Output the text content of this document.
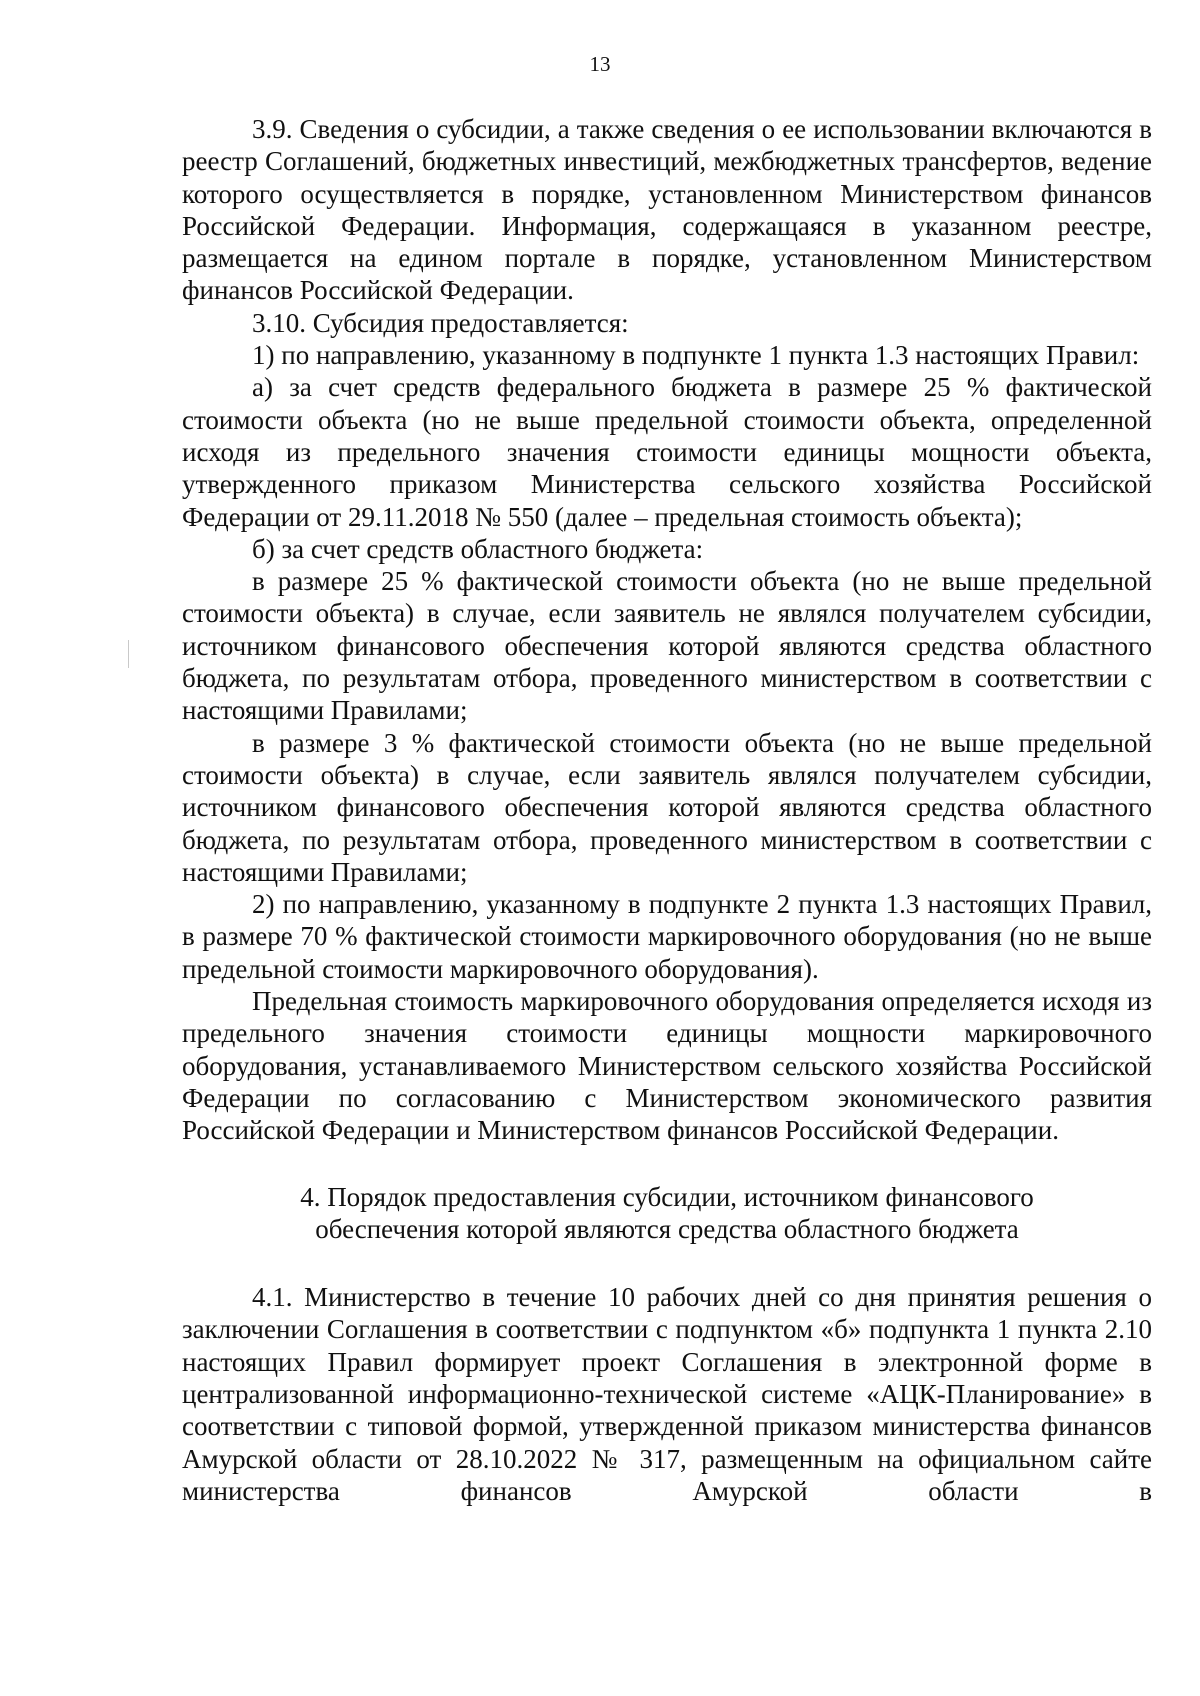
13

3.9. Сведения о субсидии, а также сведения о ее использовании включаются в реестр Соглашений, бюджетных инвестиций, межбюджетных трансфертов, ведение которого осуществляется в порядке, установленном Министерством финансов Российской Федерации. Информация, содержащаяся в указанном реестре, размещается на едином портале в порядке, установленном Министерством финансов Российской Федерации.

3.10. Субсидия предоставляется:

1) по направлению, указанному в подпункте 1 пункта 1.3 настоящих Правил:

а) за счет средств федерального бюджета в размере 25 % фактической стоимости объекта (но не выше предельной стоимости объекта, определенной исходя из предельного значения стоимости единицы мощности объекта, утвержденного приказом Министерства сельского хозяйства Российской Федерации от 29.11.2018 № 550 (далее – предельная стоимость объекта);

б) за счет средств областного бюджета:

в размере 25 % фактической стоимости объекта (но не выше предельной стоимости объекта) в случае, если заявитель не являлся получателем субсидии, источником финансового обеспечения которой являются средства областного бюджета, по результатам отбора, проведенного министерством в соответствии с настоящими Правилами;

в размере 3 % фактической стоимости объекта (но не выше предельной стоимости объекта) в случае, если заявитель являлся получателем субсидии, источником финансового обеспечения которой являются средства областного бюджета, по результатам отбора, проведенного министерством в соответствии с настоящими Правилами;

2) по направлению, указанному в подпункте 2 пункта 1.3 настоящих Правил, в размере 70 % фактической стоимости маркировочного оборудования (но не выше предельной стоимости маркировочного оборудования).

Предельная стоимость маркировочного оборудования определяется исходя из предельного значения стоимости единицы мощности маркировочного оборудования, устанавливаемого Министерством сельского хозяйства Российской Федерации по согласованию с Министерством экономического развития Российской Федерации и Министерством финансов Российской Федерации.

4. Порядок предоставления субсидии, источником финансового
обеспечения которой являются средства областного бюджета

4.1. Министерство в течение 10 рабочих дней со дня принятия решения о заключении Соглашения в соответствии с подпунктом «б» подпункта 1 пункта 2.10 настоящих Правил формирует проект Соглашения в электронной форме в централизованной информационно-технической системе «АЦК-Планирование» в соответствии с типовой формой, утвержденной приказом министерства финансов Амурской области от 28.10.2022 № 317, размещенным на официальном сайте министерства финансов Амурской области в
